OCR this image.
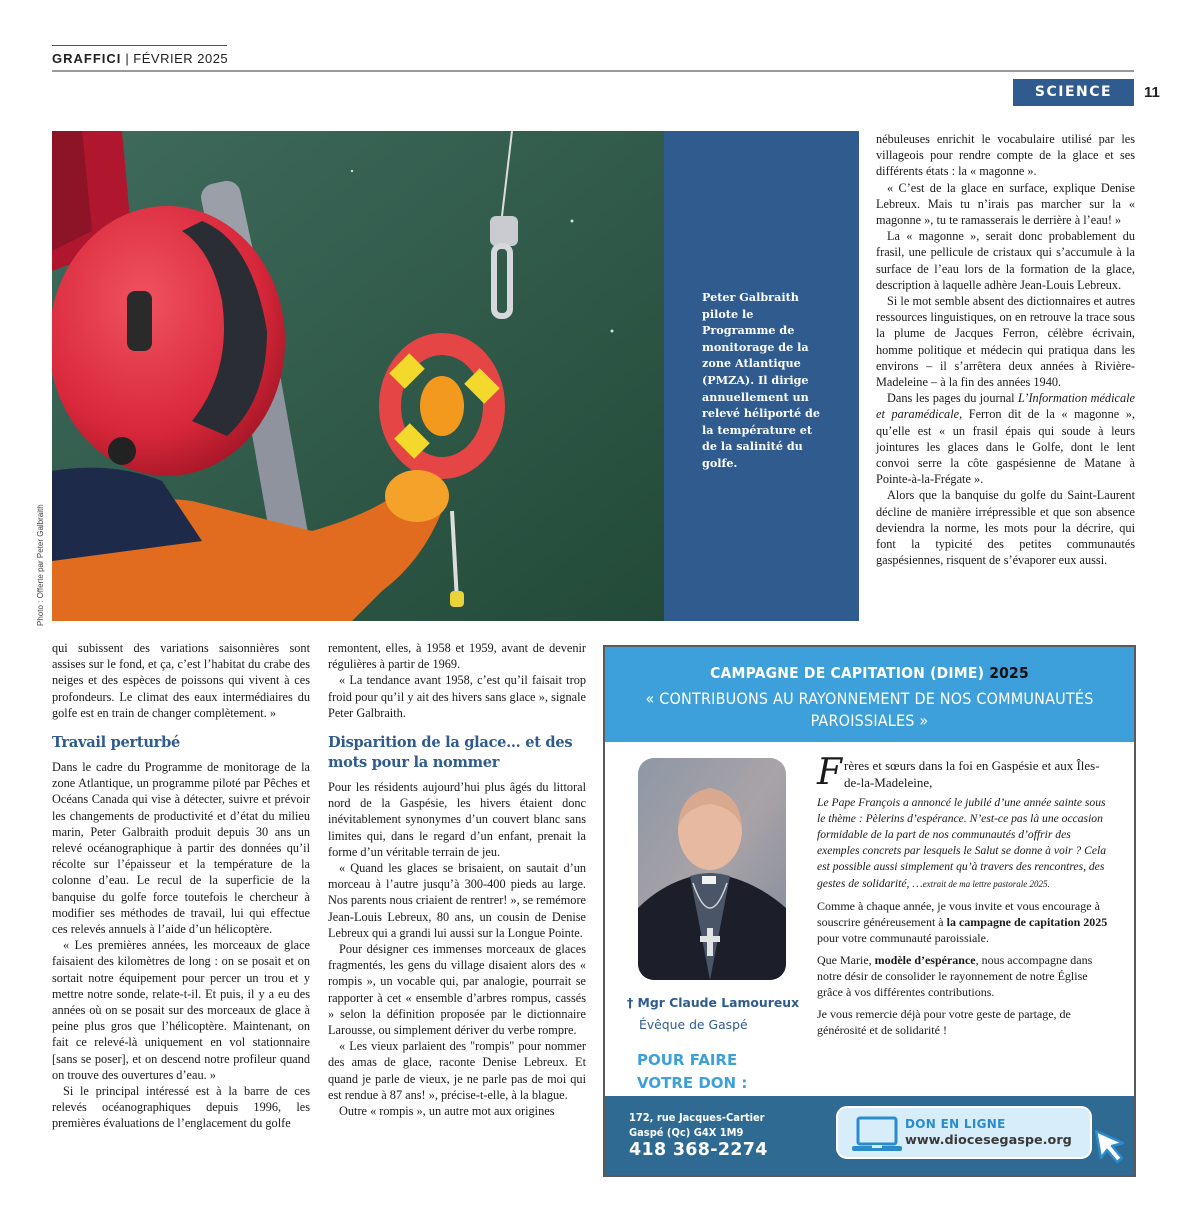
GRAFFICI | FÉVRIER 2025
SCIENCE	11
Photo : Offerte par Peter Galbraith
Peter Galbraith pilote le Programme de monitorage de la zone Atlantique (PMZA). Il dirige annuellement un relevé héliporté de la température et de la salinité du golfe.

nébuleuses enrichit le vocabulaire utilisé par les villageois pour rendre compte de la glace et ses différents états : la « magonne ».

« C’est de la glace en surface, explique Denise Lebreux. Mais tu n’irais pas marcher sur la « magonne », tu te ramasserais le derrière à l’eau! »

La « magonne », serait donc probablement du frasil, une pellicule de cristaux qui s’accumule à la surface de l’eau lors de la formation de la glace, description à laquelle adhère Jean-Louis Lebreux.

Si le mot semble absent des dictionnaires et autres ressources linguistiques, on en retrouve la trace sous la plume de Jacques Ferron, célèbre écrivain, homme politique et médecin qui pratiqua dans les environs – il s’arrêtera deux années à Rivière-Madeleine – à la fin des années 1940.

Dans les pages du journal L’Information médicale et paramédicale, Ferron dit de la « magonne », qu’elle est « un frasil épais qui soude à leurs jointures les glaces dans le Golfe, dont le lent convoi serre la côte gaspésienne de Matane à Pointe-à-la-Frégate ».

Alors que la banquise du golfe du Saint-Laurent décline de manière irrépressible et que son absence deviendra la norme, les mots pour la décrire, qui font la typicité des petites communautés gaspésiennes, risquent de s’évaporer eux aussi.

qui subissent des variations saisonnières sont assises sur le fond, et ça, c’est l’habitat du crabe des neiges et des espèces de poissons qui vivent à ces profondeurs. Le climat des eaux intermédiaires du golfe est en train de changer complètement. »

Travail perturbé

Dans le cadre du Programme de monitorage de la zone Atlantique, un programme piloté par Pêches et Océans Canada qui vise à détecter, suivre et prévoir les changements de productivité et d’état du milieu marin, Peter Galbraith produit depuis 30 ans un relevé océanographique à partir des données qu’il récolte sur l’épaisseur et la température de la colonne d’eau. Le recul de la superficie de la banquise du golfe force toutefois le chercheur à modifier ses méthodes de travail, lui qui effectue ces relevés annuels à l’aide d’un hélicoptère.

« Les premières années, les morceaux de glace faisaient des kilomètres de long : on se posait et on sortait notre équipement pour percer un trou et y mettre notre sonde, relate-t-il. Et puis, il y a eu des années où on se posait sur des morceaux de glace à peine plus gros que l’hélicoptère. Maintenant, on fait ce relevé-là uniquement en vol stationnaire [sans se poser], et on descend notre profileur quand on trouve des ouvertures d’eau. »

Si le principal intéressé est à la barre de ces relevés océanographiques depuis 1996, les premières évaluations de l’englacement du golfe

remontent, elles, à 1958 et 1959, avant de devenir régulières à partir de 1969.

« La tendance avant 1958, c’est qu’il faisait trop froid pour qu’il y ait des hivers sans glace », signale Peter Galbraith.

Disparition de la glace… et des mots pour la nommer

Pour les résidents aujourd’hui plus âgés du littoral nord de la Gaspésie, les hivers étaient donc inévitablement synonymes d’un couvert blanc sans limites qui, dans le regard d’un enfant, prenait la forme d’un véritable terrain de jeu.

« Quand les glaces se brisaient, on sautait d’un morceau à l’autre jusqu’à 300-400 pieds au large. Nos parents nous criaient de rentrer! », se remémore Jean-Louis Lebreux, 80 ans, un cousin de Denise Lebreux qui a grandi lui aussi sur la Longue Pointe.

Pour désigner ces immenses morceaux de glaces fragmentés, les gens du village disaient alors des « rompis », un vocable qui, par analogie, pourrait se rapporter à cet « ensemble d’arbres rompus, cassés » selon la définition proposée par le dictionnaire Larousse, ou simplement dériver du verbe rompre.

« Les vieux parlaient des "rompis" pour nommer des amas de glace, raconte Denise Lebreux. Et quand je parle de vieux, je ne parle pas de moi qui est rendue à 87 ans! », précise-t-elle, à la blague.

Outre « rompis », un autre mot aux origines

CAMPAGNE DE CAPITATION (DIME) 2025
« CONTRIBUONS AU RAYONNEMENT DE NOS COMMUNAUTÉS PAROISSIALES »
† Mgr Claude Lamoureux
Évêque de Gaspé
POUR FAIRE VOTRE DON :
Frères et sœurs dans la foi en Gaspésie et aux Îles-de-la-Madeleine,
Le Pape François a annoncé le jubilé d’une année sainte sous le thème : Pèlerins d’espérance. N’est-ce pas là une occasion formidable de la part de nos communautés d’offrir des exemples concrets par lesquels le Salut se donne à voir ? Cela est possible aussi simplement qu’à travers des rencontres, des gestes de solidarité, …extrait de ma lettre pastorale 2025.
Comme à chaque année, je vous invite et vous encourage à souscrire généreusement à la campagne de capitation 2025 pour votre communauté paroissiale.
Que Marie, modèle d’espérance, nous accompagne dans notre désir de consolider le rayonnement de notre Église grâce à vos différentes contributions.
Je vous remercie déjà pour votre geste de partage, de générosité et de solidarité !
172, rue Jacques-Cartier
Gaspé (Qc) G4X 1M9
418 368-2274
DON EN LIGNE
www.diocesegaspe.org
